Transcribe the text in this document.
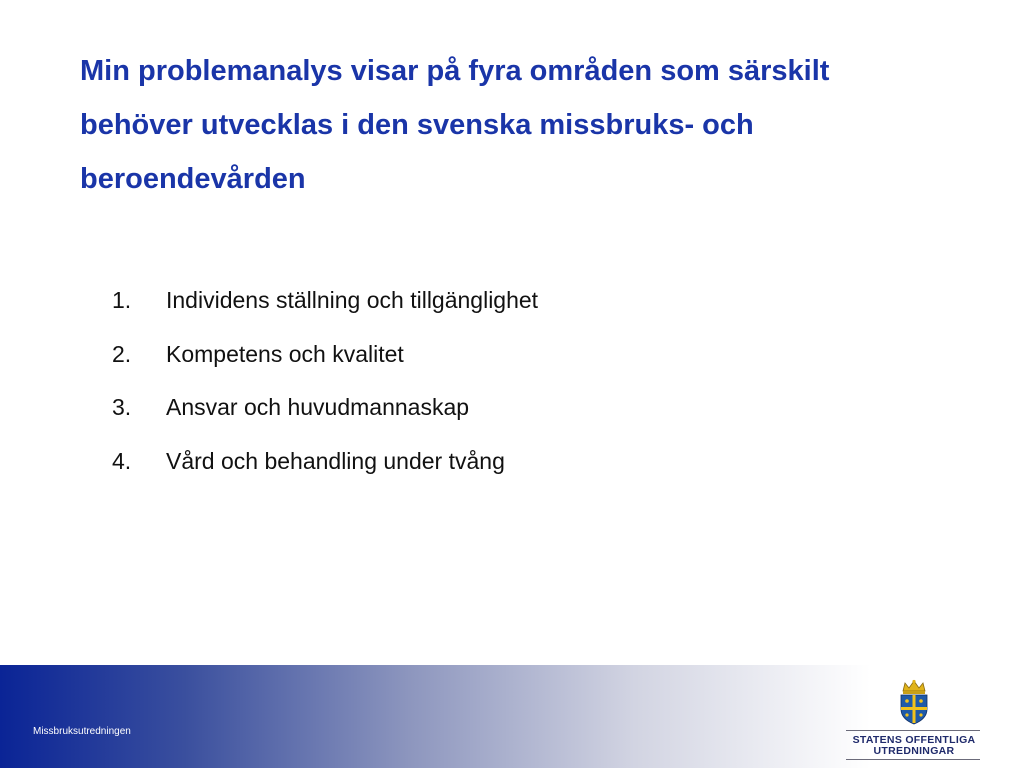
Min problemanalys visar på fyra områden som särskilt
behöver utvecklas i den svenska missbruks- och
beroendevården
1.	Individens ställning och tillgänglighet
2.	Kompetens och kvalitet
3.	Ansvar och huvudmannaskap
4.	Vård och behandling under tvång
Missbruksutredningen
STATENS OFFENTLIGA
UTREDNINGAR
